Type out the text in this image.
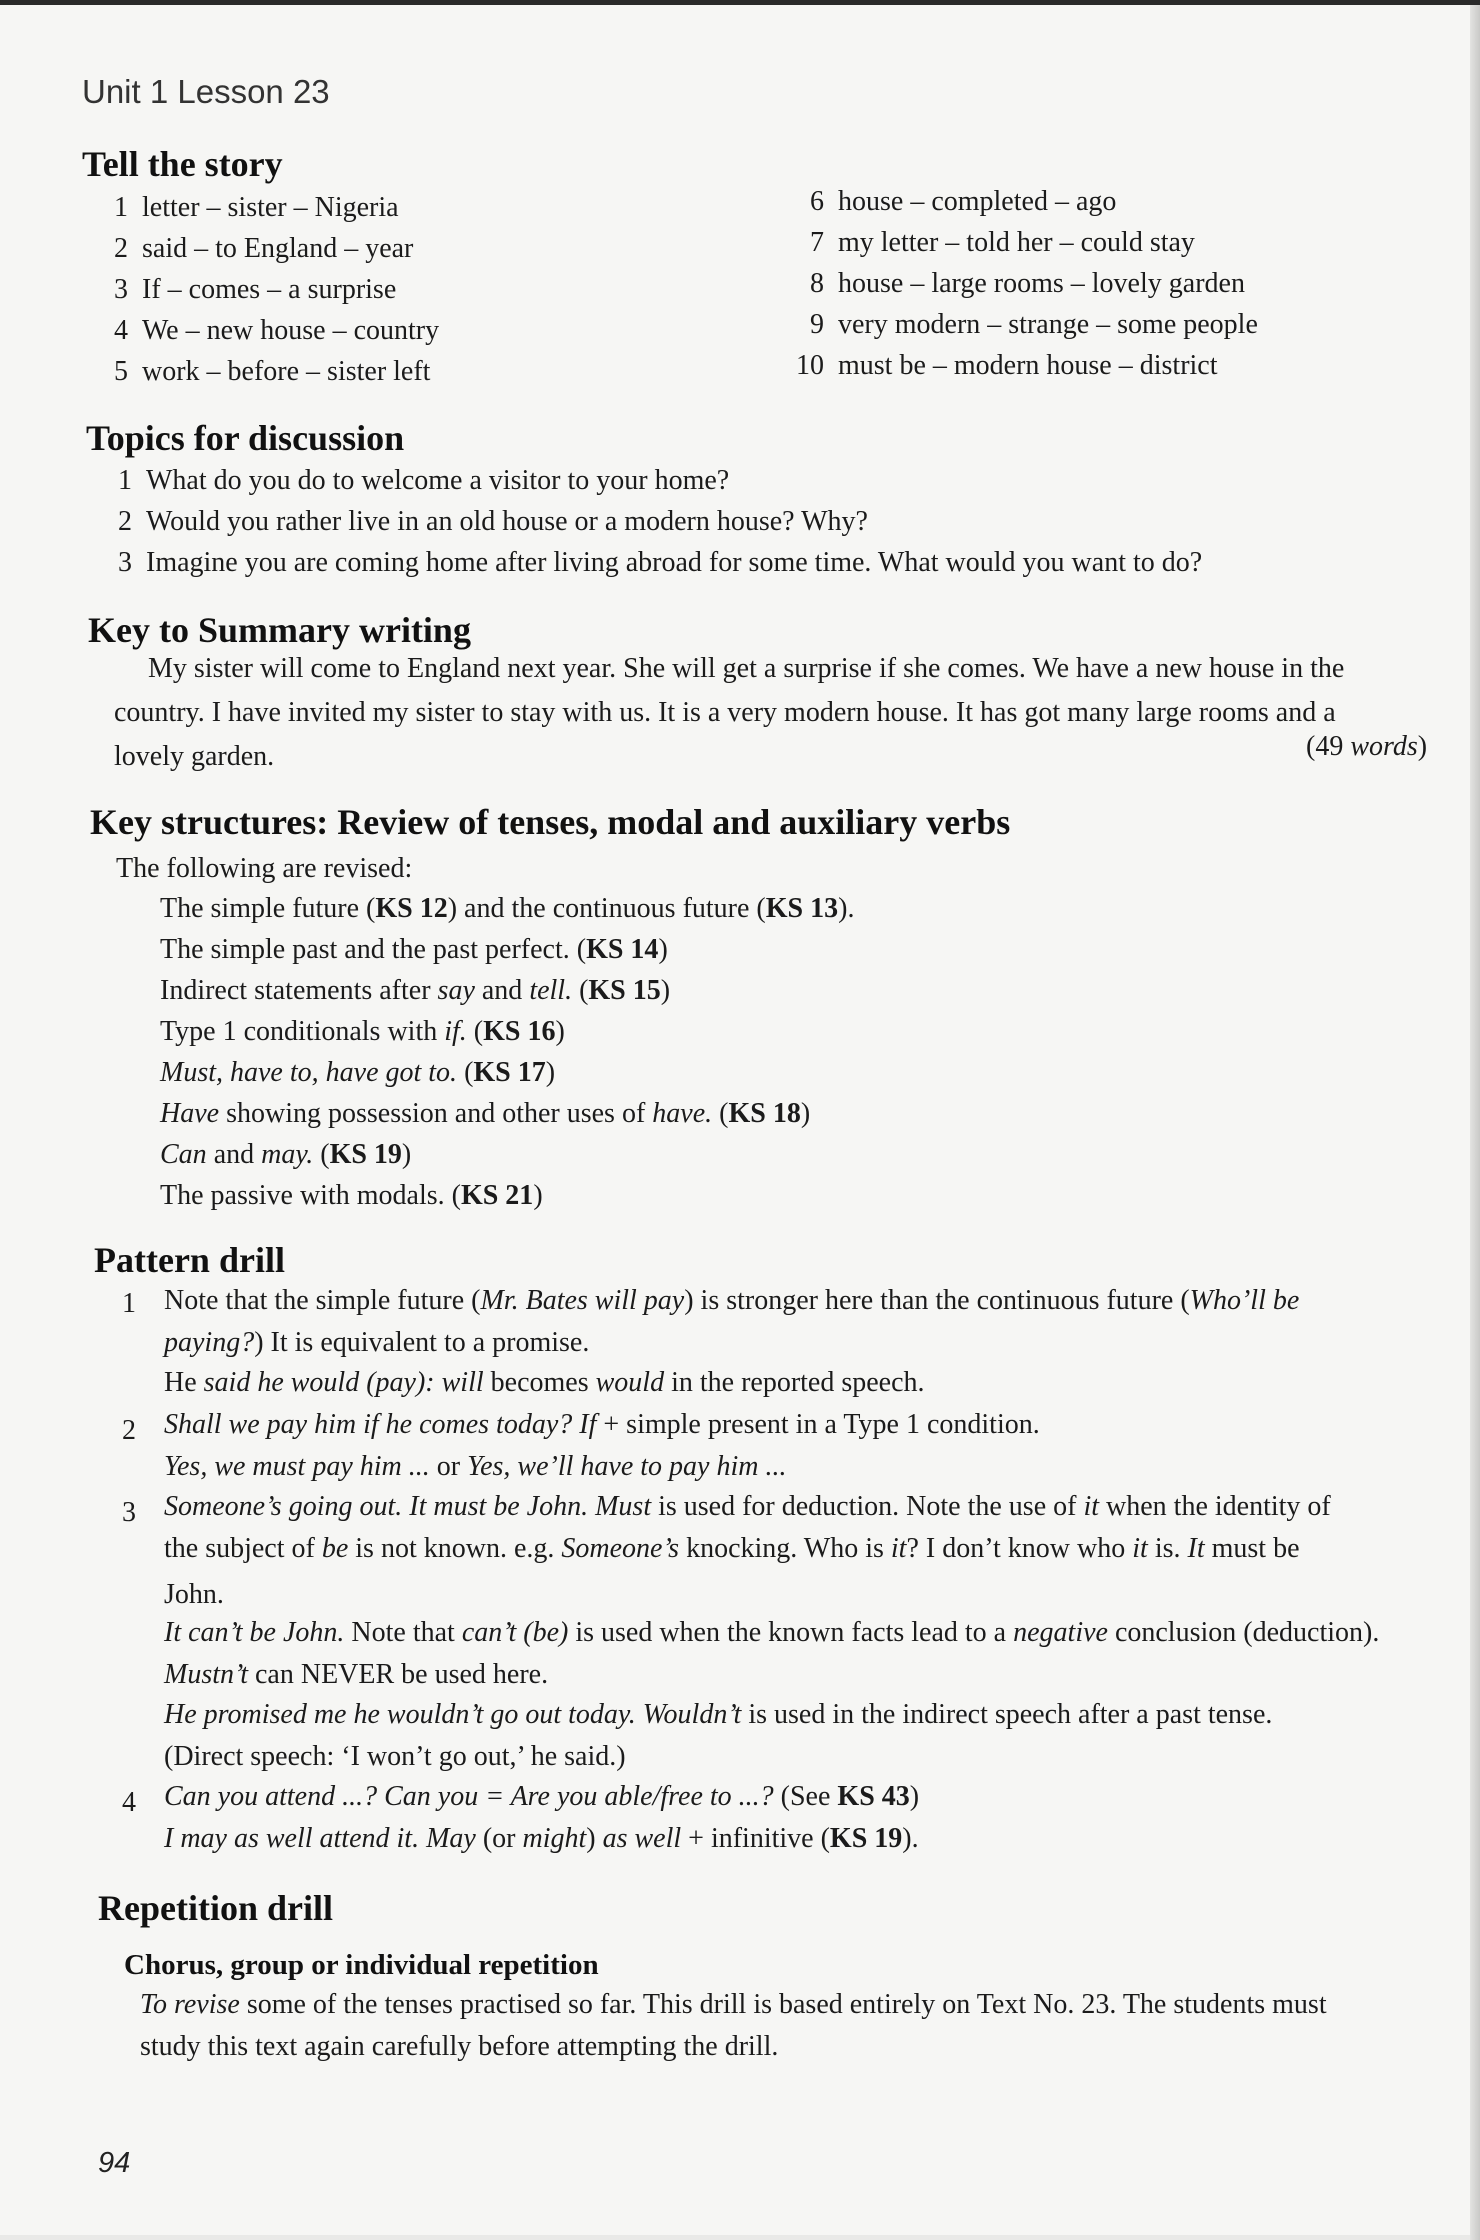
Unit 1 Lesson 23
Tell the story
1 letter – sister – Nigeria
2 said – to England – year
3 If – comes – a surprise
4 We – new house – country
5 work – before – sister left
6 house – completed – ago
7 my letter – told her – could stay
8 house – large rooms – lovely garden
9 very modern – strange – some people
10 must be – modern house – district
Topics for discussion
1 What do you do to welcome a visitor to your home?
2 Would you rather live in an old house or a modern house? Why?
3 Imagine you are coming home after living abroad for some time. What would you want to do?
Key to Summary writing
My sister will come to England next year. She will get a surprise if she comes. We have a new house in the
country. I have invited my sister to stay with us. It is a very modern house. It has got many large rooms and a
lovely garden.	(49 words)
Key structures: Review of tenses, modal and auxiliary verbs
The following are revised:
The simple future (KS 12) and the continuous future (KS 13).
The simple past and the past perfect. (KS 14)
Indirect statements after say and tell. (KS 15)
Type 1 conditionals with if. (KS 16)
Must, have to, have got to. (KS 17)
Have showing possession and other uses of have. (KS 18)
Can and may. (KS 19)
The passive with modals. (KS 21)
Pattern drill
1 Note that the simple future (Mr. Bates will pay) is stronger here than the continuous future (Who’ll be
paying?) It is equivalent to a promise.
He said he would (pay): will becomes would in the reported speech.
2 Shall we pay him if he comes today? If + simple present in a Type 1 condition.
Yes, we must pay him ... or Yes, we’ll have to pay him ...
3 Someone’s going out. It must be John. Must is used for deduction. Note the use of it when the identity of
the subject of be is not known. e.g. Someone’s knocking. Who is it? I don’t know who it is. It must be
John.
It can’t be John. Note that can’t (be) is used when the known facts lead to a negative conclusion (deduction).
Mustn’t can NEVER be used here.
He promised me he wouldn’t go out today. Wouldn’t is used in the indirect speech after a past tense.
(Direct speech: ‘I won’t go out,’ he said.)
4 Can you attend ...? Can you = Are you able/free to ...? (See KS 43)
I may as well attend it. May (or might) as well + infinitive (KS 19).
Repetition drill
Chorus, group or individual repetition
To revise some of the tenses practised so far. This drill is based entirely on Text No. 23. The students must
study this text again carefully before attempting the drill.
94
